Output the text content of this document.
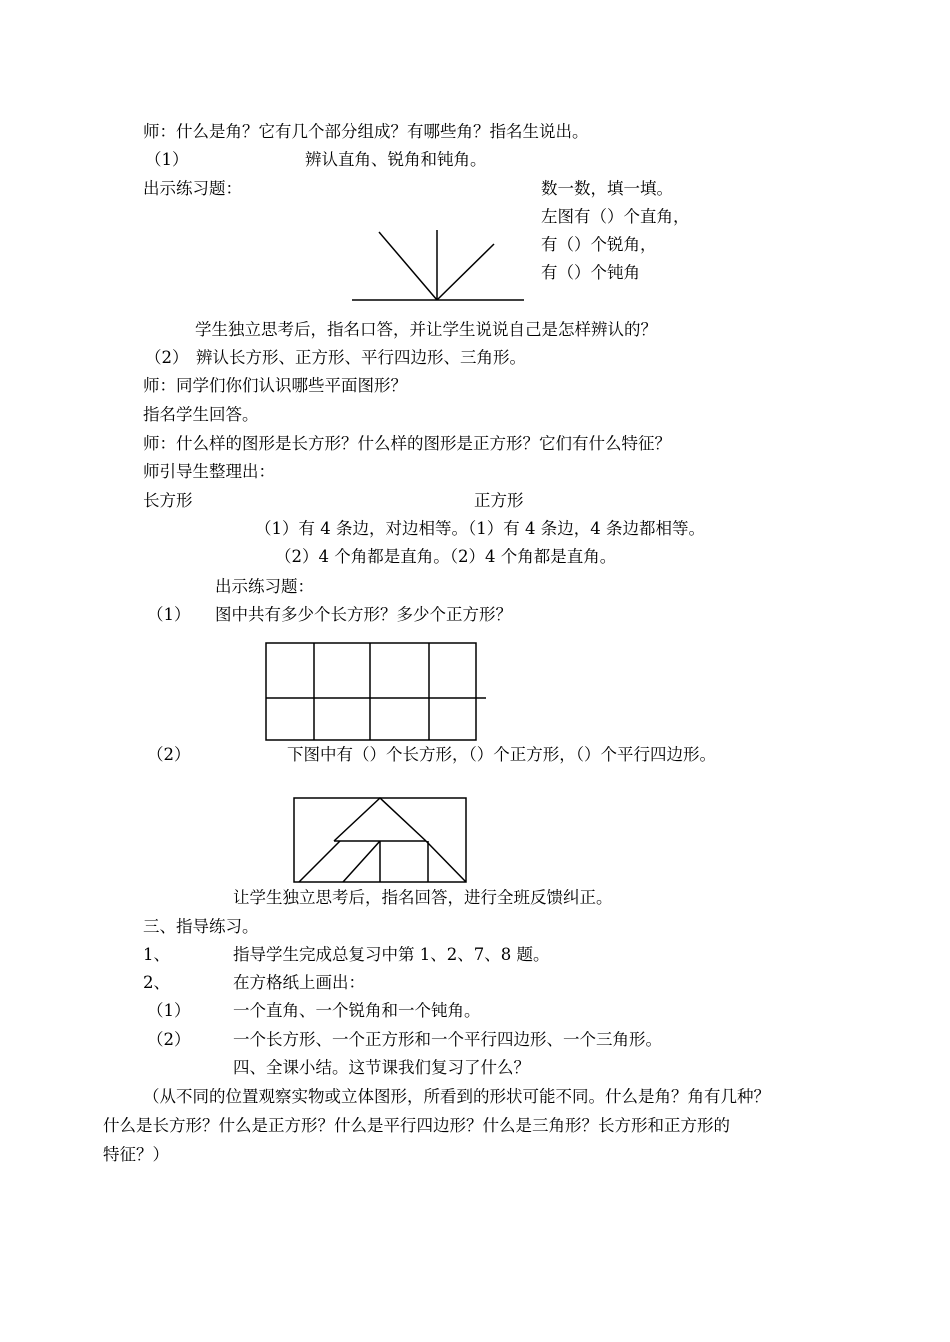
师：什么是角？它有几个部分组成？有哪些角？指名生说出。
（1）	辨认直角、锐角和钝角。
出示练习题：	数一数，填一填。
左图有（）个直角，
有（）个锐角，
有（）个钝角
学生独立思考后，指名口答，并让学生说说自己是怎样辨认的？
（2） 辨认长方形、正方形、平行四边形、三角形。
师：同学们你们认识哪些平面图形？
指名学生回答。
师：什么样的图形是长方形？什么样的图形是正方形？它们有什么特征？
师引导生整理出：
长方形	正方形
（1）有 4 条边，对边相等。（1）有 4 条边，4 条边都相等。
（2）4 个角都是直角。（2）4 个角都是直角。
出示练习题：
（1） 图中共有多少个长方形？多少个正方形？
（2）	下图中有（）个长方形，（）个正方形，（）个平行四边形。
让学生独立思考后，指名回答，进行全班反馈纠正。
三、指导练习。
1、	指导学生完成总复习中第 1、2、7、8 题。
2、	在方格纸上画出：
（1）	一个直角、一个锐角和一个钝角。
（2）	一个长方形、一个正方形和一个平行四边形、一个三角形。
四、全课小结。这节课我们复习了什么？
（从不同的位置观察实物或立体图形，所看到的形状可能不同。什么是角？角有几种？
什么是长方形？什么是正方形？什么是平行四边形？什么是三角形？长方形和正方形的
特征？）
